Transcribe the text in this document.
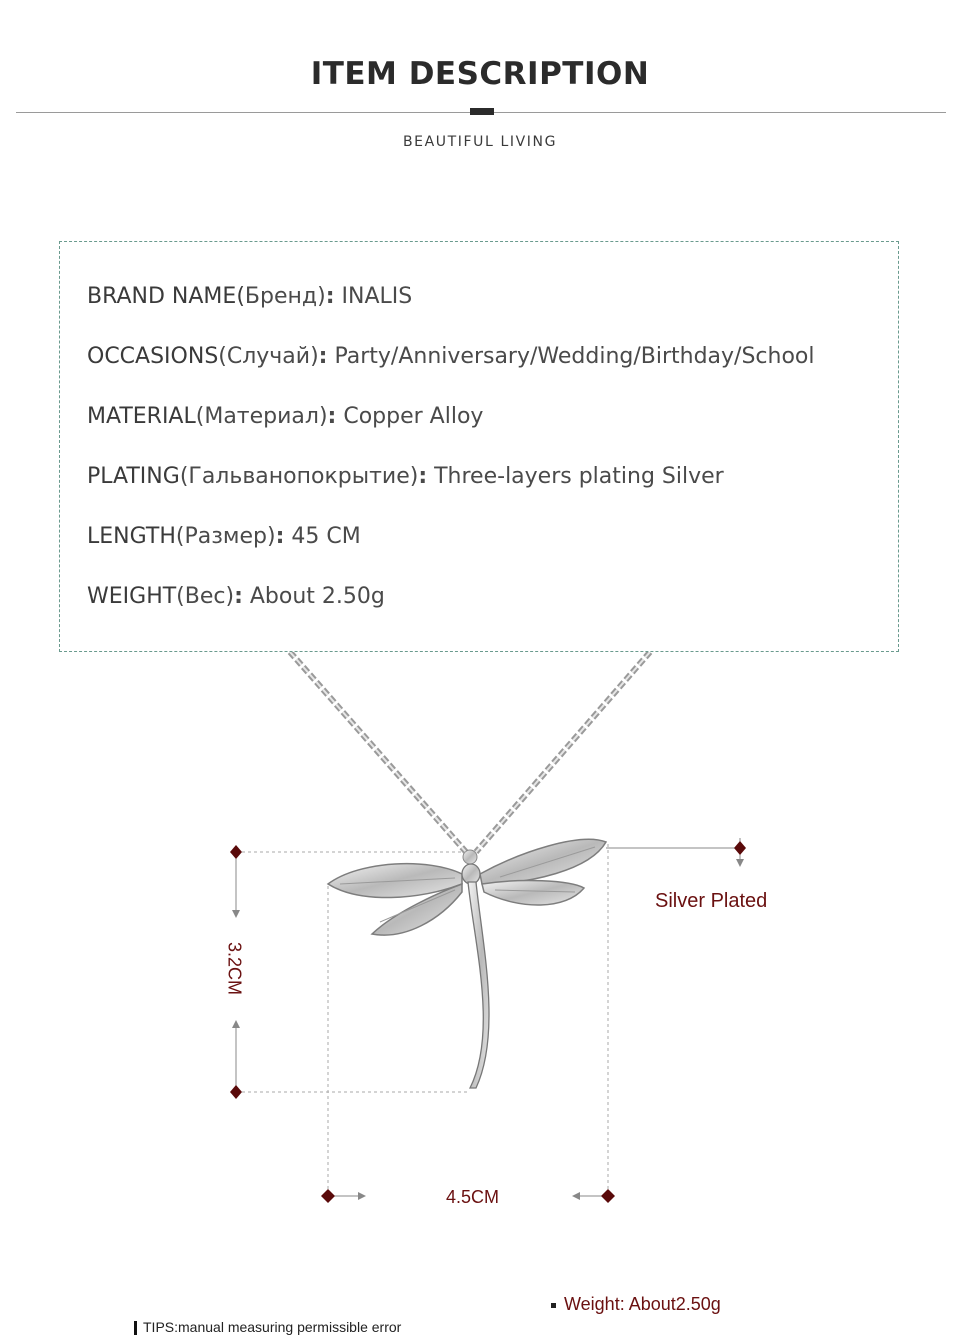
ITEM DESCRIPTION
BEAUTIFUL LIVING
BRAND NAME(Бренд): INALIS
OCCASIONS(Случай): Party/Anniversary/Wedding/Birthday/School
MATERIAL(Материал): Copper Alloy
PLATING(Гальванопокрытие): Three-layers plating Silver
LENGTH(Размер): 45 CM
WEIGHT(Вес): About 2.50g
Silver Plated
3.2CM
4.5CM
Weight: About2.50g
TIPS:manual measuring permissible error
